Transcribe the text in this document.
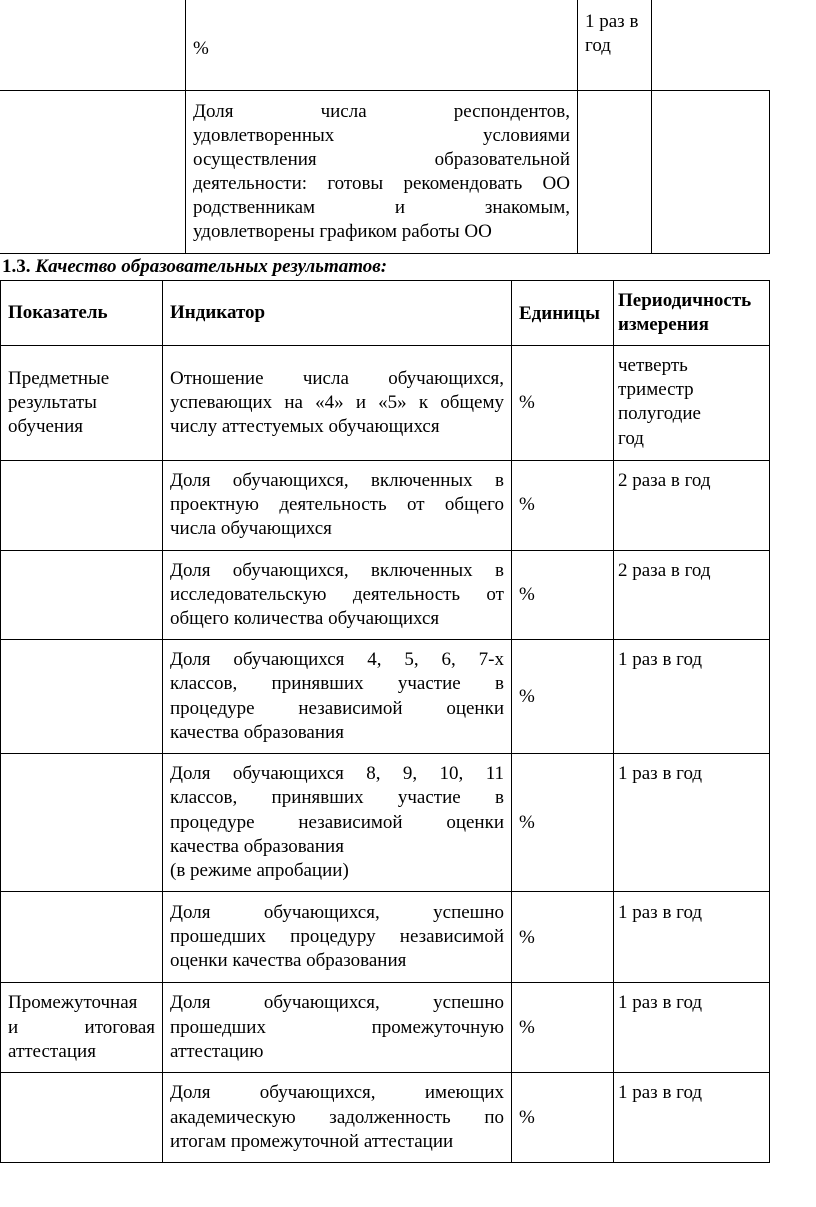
%
1 раз в
год
Доля числа респондентов,
удовлетворенных условиями
осуществления образовательной
деятельности: готовы рекомендовать ОО
родственникам и знакомым,
удовлетворены графиком работы ОО
1.3. Качество образовательных результатов:
Показатель	Индикатор	Единицы
Периодичность
измерения
Предметные
результаты
обучения
Отношение числа обучающихся,
успевающих на «4» и «5» к общему
числу аттестуемых обучающихся
%
четверть
триместр
полугодие
год
Доля обучающихся, включенных в
проектную деятельность от общего
числа обучающихся
%
2 раза в год
Доля обучающихся, включенных в
исследовательскую деятельность от
общего количества обучающихся
%
2 раза в год
Доля обучающихся 4, 5, 6, 7-х
классов, принявших участие в
процедуре независимой оценки
качества образования
%
1 раз в год
Доля обучающихся 8, 9, 10, 11
классов, принявших участие в
процедуре независимой оценки
качества образования
(в режиме апробации)
%
1 раз в год
Доля обучающихся, успешно
прошедших процедуру независимой
оценки качества образования
%
1 раз в год
Промежуточная
и итоговая
аттестация
Доля обучающихся, успешно
прошедших промежуточную
аттестацию
%
1 раз в год
Доля обучающихся, имеющих
академическую задолженность по
итогам промежуточной аттестации
%
1 раз в год
